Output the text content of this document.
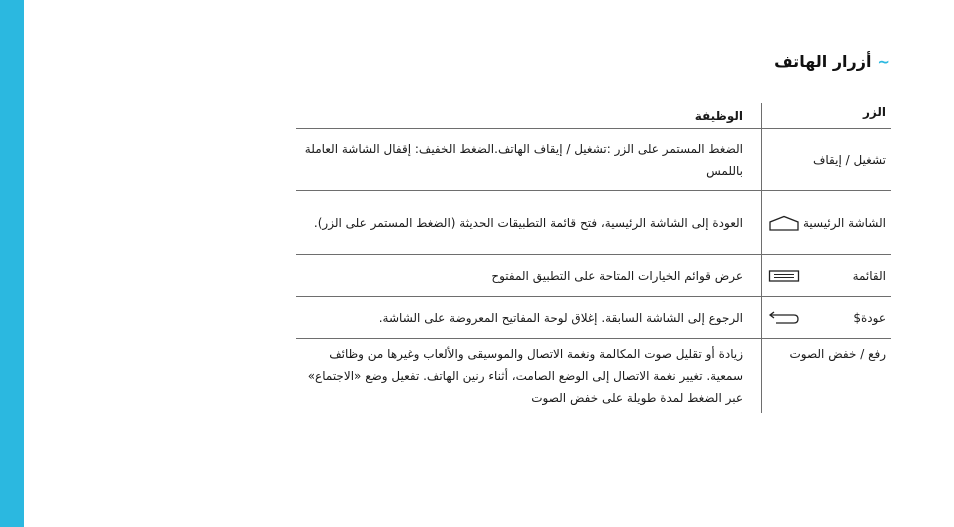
~
أزرار الهاتف
الزر
الوظيفة
تشغيل / إيقاف
الضغط المستمر على الزر :تشغيل / إيقاف الهاتف.الضغط الخفيف: إقفال الشاشة العاملة باللمس
الشاشة الرئيسية
العودة إلى الشاشة الرئيسية، فتح قائمة التطبيقات الحديثة (الضغط المستمر على الزر).
القائمة
عرض قوائم الخيارات المتاحة على التطبيق المفتوح
عودة$
الرجوع إلى الشاشة السابقة. إغلاق لوحة المفاتيح المعروضة على الشاشة.
رفع / خفض الصوت
زيادة أو تقليل صوت المكالمة ونغمة الاتصال والموسيقى والألعاب وغيرها من وظائف سمعية. تغيير نغمة الاتصال إلى الوضع الصامت، أثناء رنين الهاتف. تفعيل وضع «الاجتماع» عبر الضغط لمدة طويلة على خفض الصوت
